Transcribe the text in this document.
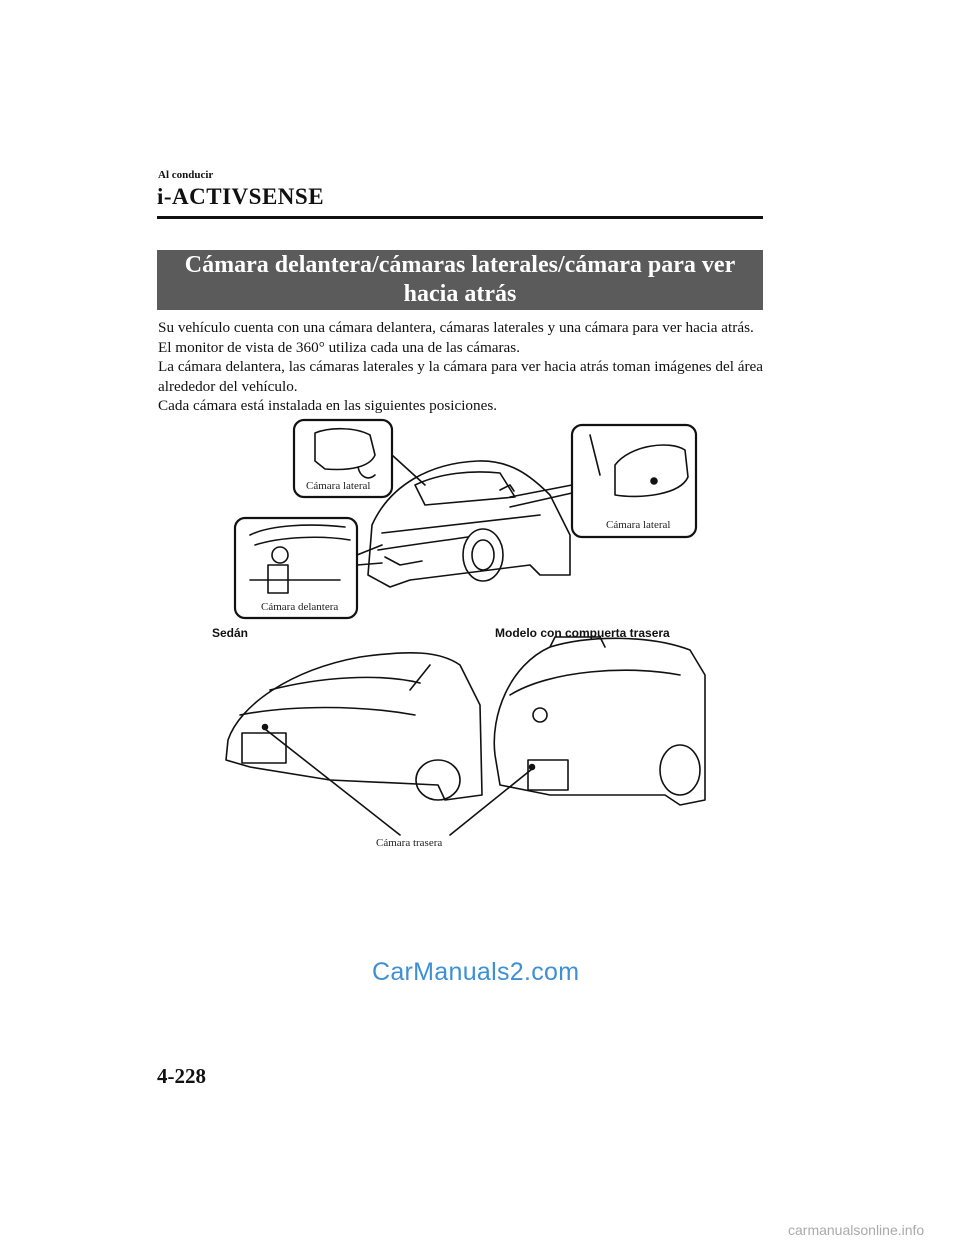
Al conducir
i-ACTIVSENSE
Cámara delantera/cámaras laterales/cámara para ver
hacia atrás

Su vehículo cuenta con una cámara delantera, cámaras laterales y una cámara para ver hacia atrás. El monitor de vista de 360° utiliza cada una de las cámaras.

La cámara delantera, las cámaras laterales y la cámara para ver hacia atrás toman imágenes del área alrededor del vehículo.

Cada cámara está instalada en las siguientes posiciones.

Cámara lateral
Cámara lateral
Cámara delantera
Sedán	Modelo con compuerta trasera
Cámara trasera
CarManuals2.com
4-228
carmanualsonline.info
